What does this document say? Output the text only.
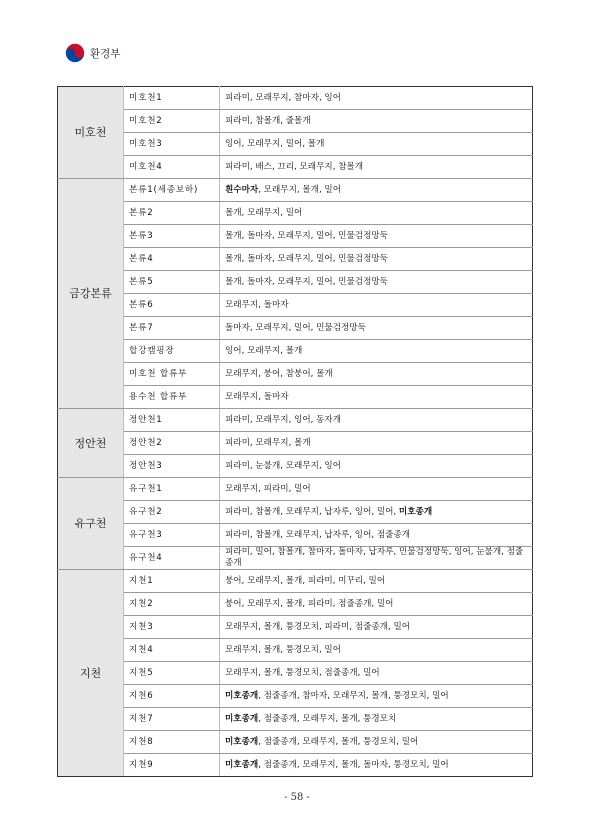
환경부
미호천	미호천1	피라미, 모래무지, 참마자, 잉어
	미호천2	피라미, 참몰개, 줄몰개
	미호천3	잉어, 모래무지, 밀어, 몰개
	미호천4	피라미, 배스, 끄리, 모래무지, 참몰개
금강본류	본류1(세종보하)	흰수마자, 모래무지, 몰개, 밀어
	본류2	몰개, 모래무지, 밀어
	본류3	몰개, 돌마자, 모래무지, 밀어, 민물검정망둑
	본류4	몰개, 돌마자, 모래무지, 밀어, 민물검정망둑
	본류5	몰개, 돌마자, 모래무지, 밀어, 민물검정망둑
	본류6	모래무지, 돌마자
	본류7	돌마자, 모래무지, 밀어, 민물검정망둑
	합강캠핑장	잉어, 모래무지, 몰개
	미호천 합류부	모래무지, 붕어, 참붕어, 몰개
	용수천 합류부	모래무지, 돌마자
정안천	정안천1	피라미, 모래무지, 잉어, 동자개
	정안천2	피라미, 모래무지, 몰개
	정안천3	피라미, 눈불개, 모래무지, 잉어
유구천	유구천1	모래무지, 피라미, 밀어
	유구천2	피라미, 참몰개, 모래무지, 납자루, 잉어, 밀어, 미호종개
	유구천3	피라미, 참몰개, 모래무지, 납자루, 잉어, 점줄종개
	유구천4	피라미, 밀어, 참몰개, 참마자, 돌마자, 납자루, 민물검정망둑, 잉어, 눈불개, 점줄종개
지천	지천1	붕어, 모래무지, 몰개, 피라미, 미꾸리, 밀어
	지천2	붕어, 모래무지, 몰개, 피라미, 점줄종개, 밀어
	지천3	모래무지, 몰개, 퉁경모치, 피라미, 점줄종개, 밀어
	지천4	모래무지, 몰개, 퉁경모치, 밀어
	지천5	모래무지, 몰개, 퉁경모치, 점줄종개, 밀어
	지천6	미호종개, 점줄종개, 참마자, 모래무지, 몰개, 퉁경모치, 밀어
	지천7	미호종개, 점줄종개, 모래무지, 몰개, 퉁경모치
	지천8	미호종개, 점줄종개, 모래무지, 몰개, 퉁경모치, 밀어
	지천9	미호종개, 점줄종개, 모래무지, 몰개, 돌마자, 퉁경모치, 밀어
- 58 -
